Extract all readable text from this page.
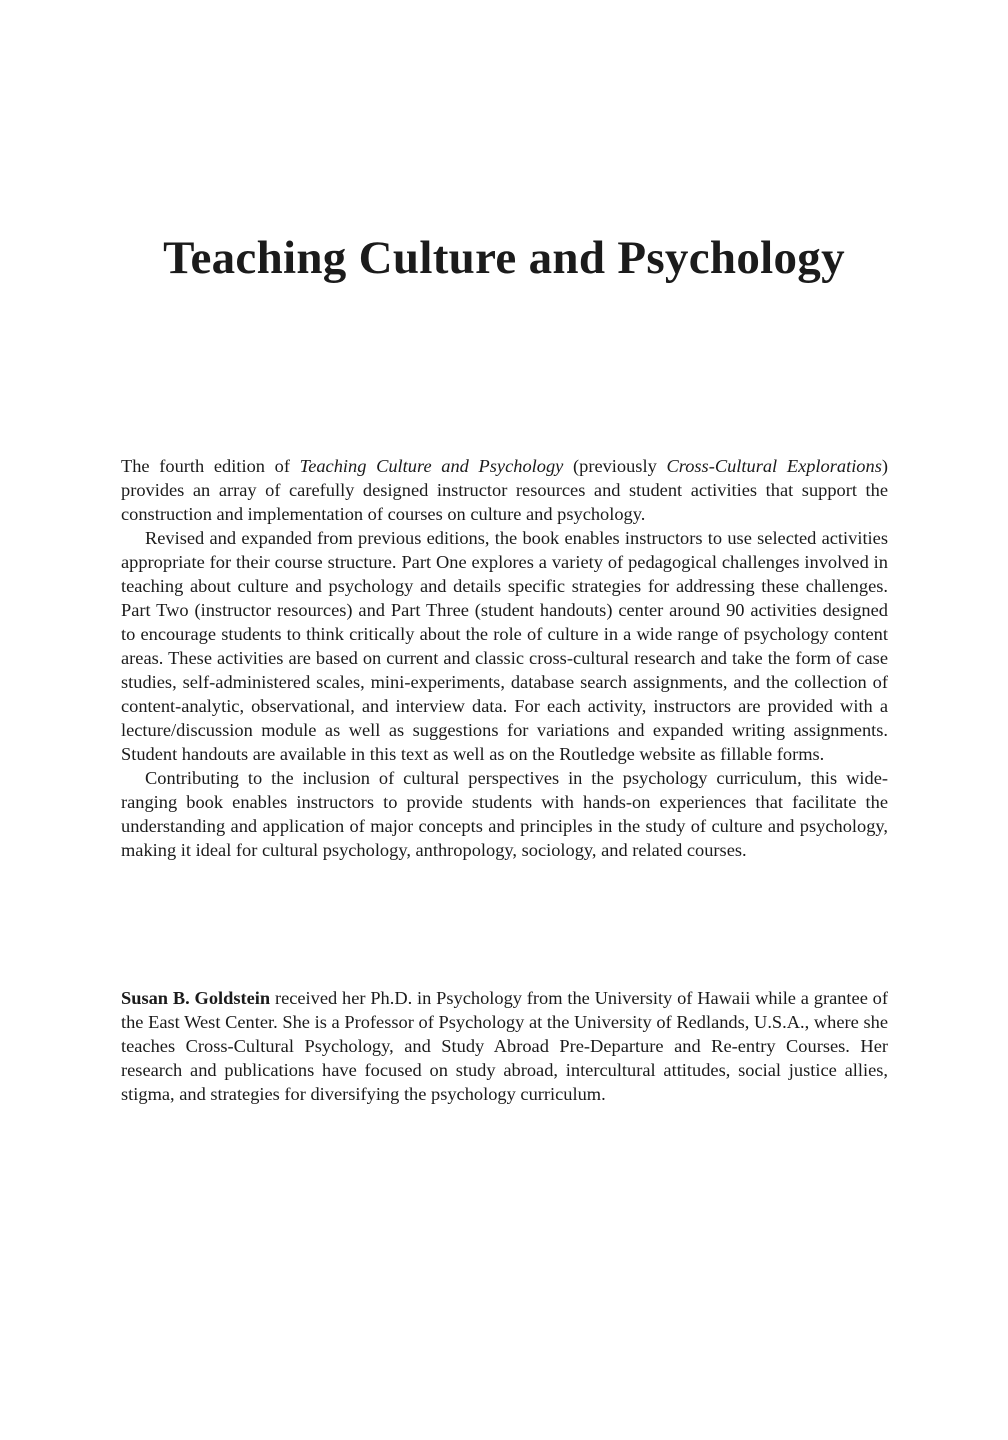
Teaching Culture and Psychology

The fourth edition of Teaching Culture and Psychology (previously Cross-Cultural Explorations) provides an array of carefully designed instructor resources and student activities that support the construction and implementation of courses on culture and psychology.

Revised and expanded from previous editions, the book enables instructors to use selected activities appropriate for their course structure. Part One explores a variety of pedagogical challenges involved in teaching about culture and psychology and details specific strategies for addressing these challenges. Part Two (instructor resources) and Part Three (student handouts) center around 90 activities designed to encourage students to think critically about the role of culture in a wide range of psychology content areas. These activities are based on current and classic cross-cultural research and take the form of case studies, self-administered scales, mini-experiments, database search assignments, and the collection of content-analytic, observational, and interview data. For each activity, instructors are provided with a lecture/discussion module as well as suggestions for variations and expanded writing assignments. Student handouts are available in this text as well as on the Routledge website as fillable forms.

Contributing to the inclusion of cultural perspectives in the psychology curriculum, this wide-ranging book enables instructors to provide students with hands-on experiences that facilitate the understanding and application of major concepts and principles in the study of culture and psychology, making it ideal for cultural psychology, anthropology, sociology, and related courses.

Susan B. Goldstein received her Ph.D. in Psychology from the University of Hawaii while a grantee of the East West Center. She is a Professor of Psychology at the University of Redlands, U.S.A., where she teaches Cross-Cultural Psychology, and Study Abroad Pre-Departure and Re-entry Courses. Her research and publications have focused on study abroad, intercultural attitudes, social justice allies, stigma, and strategies for diversifying the psychology curriculum.
